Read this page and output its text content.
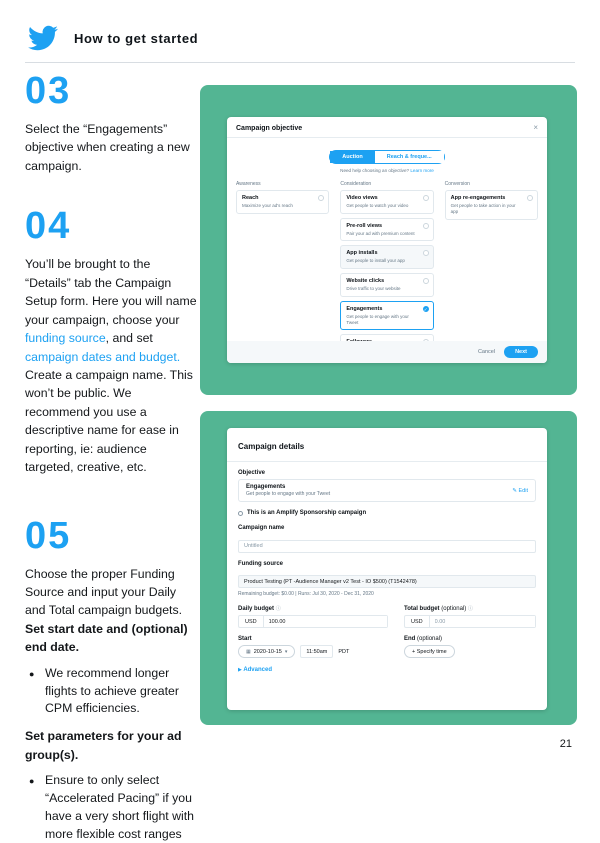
How to get started
03
Select the “Engagements” objective when creating a new campaign.
04
You’ll be brought to the “Details” tab the Campaign Setup form. Here you will name your campaign, choose your funding source, and set campaign dates and budget. Create a campaign name. This won’t be public. We recommend you use a descriptive name for ease in reporting, ie: audience targeted, creative, etc.
05
Choose the proper Funding Source and input your Daily and Total campaign budgets. Set start date and (optional) end date.
● We recommend longer flights to achieve greater CPM efficiencies.
Set parameters for your ad group(s).
● Ensure to only select “Accelerated Pacing” if you have a very short flight with more flexible cost ranges
Campaign objective	×
Auction	Reach & freque...
Need help choosing an objective? Learn more
Awareness
Reach
Maximize your ad's reach
Consideration
Video views
Get people to watch your video
Pre-roll views
Pair your ad with premium content
App installs
Get people to install your app
Website clicks
Drive traffic to your website
Engagements
Get people to engage with your Tweet
✓
Conversion
App re-engagements
Get people to take action in your app
Cancel	Next
Campaign details
Objective
Engagements
Get people to engage with your Tweet
✎ Edit
This is an Amplify Sponsorship campaign
Campaign name
Untitled
Funding source
Product Testing (PT -Audience Manager v2 Test - IO $500) (T1542478)
Remaining budget: $0.00 | Runs: Jul 30, 2020 - Dec 31, 2020
Daily budget ⓘ
USD
100.00
Total budget (optional) ⓘ
USD
0.00
Start
▦ 2020-10-15 ▾	11:50am	PDT
End (optional)
+ Specify time
▶ Advanced
21
